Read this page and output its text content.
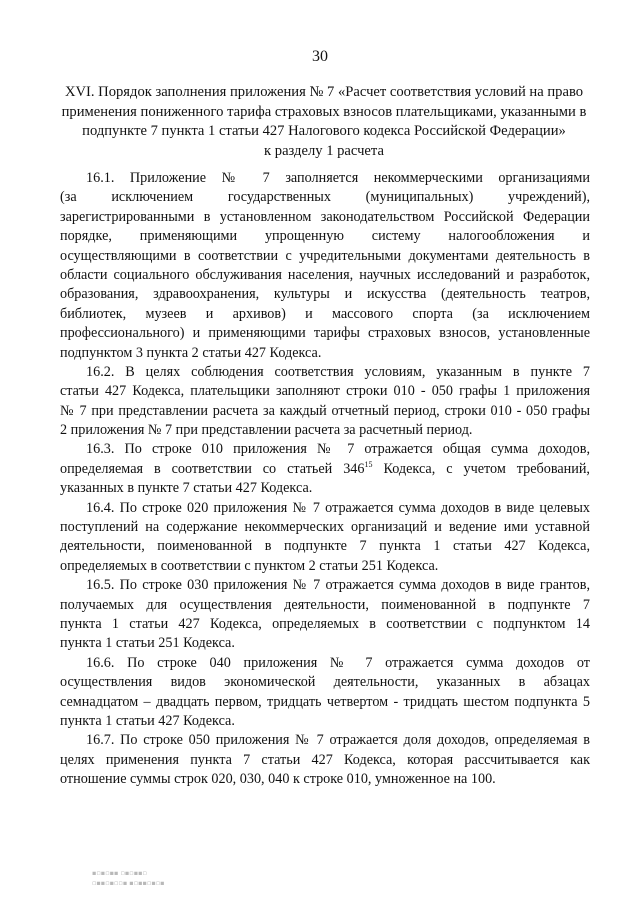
30
XVI. Порядок заполнения приложения № 7 «Расчет соответствия условий на право
применения пониженного тарифа страховых взносов плательщиками, указанными в
подпункте 7 пункта 1 статьи 427 Налогового кодекса Российской Федерации»
к разделу 1 расчета
16.1. Приложение № 7 заполняется некоммерческими организациями
(за исключением государственных (муниципальных) учреждений),
зарегистрированными в установленном законодательством Российской Федерации
порядке, применяющими упрощенную систему налогообложения и
осуществляющими в соответствии с учредительными документами деятельность в
области социального обслуживания населения, научных исследований и разработок,
образования, здравоохранения, культуры и искусства (деятельность театров,
библиотек, музеев и архивов) и массового спорта (за исключением
профессионального) и применяющими тарифы страховых взносов, установленные
подпунктом 3 пункта 2 статьи 427 Кодекса.
16.2. В целях соблюдения соответствия условиям, указанным в пункте 7
статьи 427 Кодекса, плательщики заполняют строки 010 - 050 графы 1 приложения
№ 7 при представлении расчета за каждый отчетный период, строки 010 - 050 графы
2 приложения № 7 при представлении расчета за расчетный период.
16.3. По строке 010 приложения № 7 отражается общая сумма доходов,
определяемая в соответствии со статьей $346^{15}$ Кодекса, с учетом требований,
указанных в пункте 7 статьи 427 Кодекса.
16.4. По строке 020 приложения № 7 отражается сумма доходов в виде целевых
поступлений на содержание некоммерческих организаций и ведение ими уставной
деятельности, поименованной в подпункте 7 пункта 1 статьи 427 Кодекса,
определяемых в соответствии с пунктом 2 статьи 251 Кодекса.
16.5. По строке 030 приложения № 7 отражается сумма доходов в виде грантов,
получаемых для осуществления деятельности, поименованной в подпункте 7
пункта 1 статьи 427 Кодекса, определяемых в соответствии с подпунктом 14
пункта 1 статьи 251 Кодекса.
16.6. По строке 040 приложения № 7 отражается сумма доходов от
осуществления видов экономической деятельности, указанных в абзацах
семнадцатом – двадцать первом, тридцать четвертом - тридцать шестом подпункта 5
пункта 1 статьи 427 Кодекса.
16.7. По строке 050 приложения № 7 отражается доля доходов, определяемая в
целях применения пункта 7 статьи 427 Кодекса, которая рассчитывается как
отношение суммы строк 020, 030, 040 к строке 010, умноженное на 100.
▪▫▪▫▪▪ ▫▪▫▪▪▫
▫▪▪▫▪▫▫▪ ▪▫▪▪▫▪▫▪
